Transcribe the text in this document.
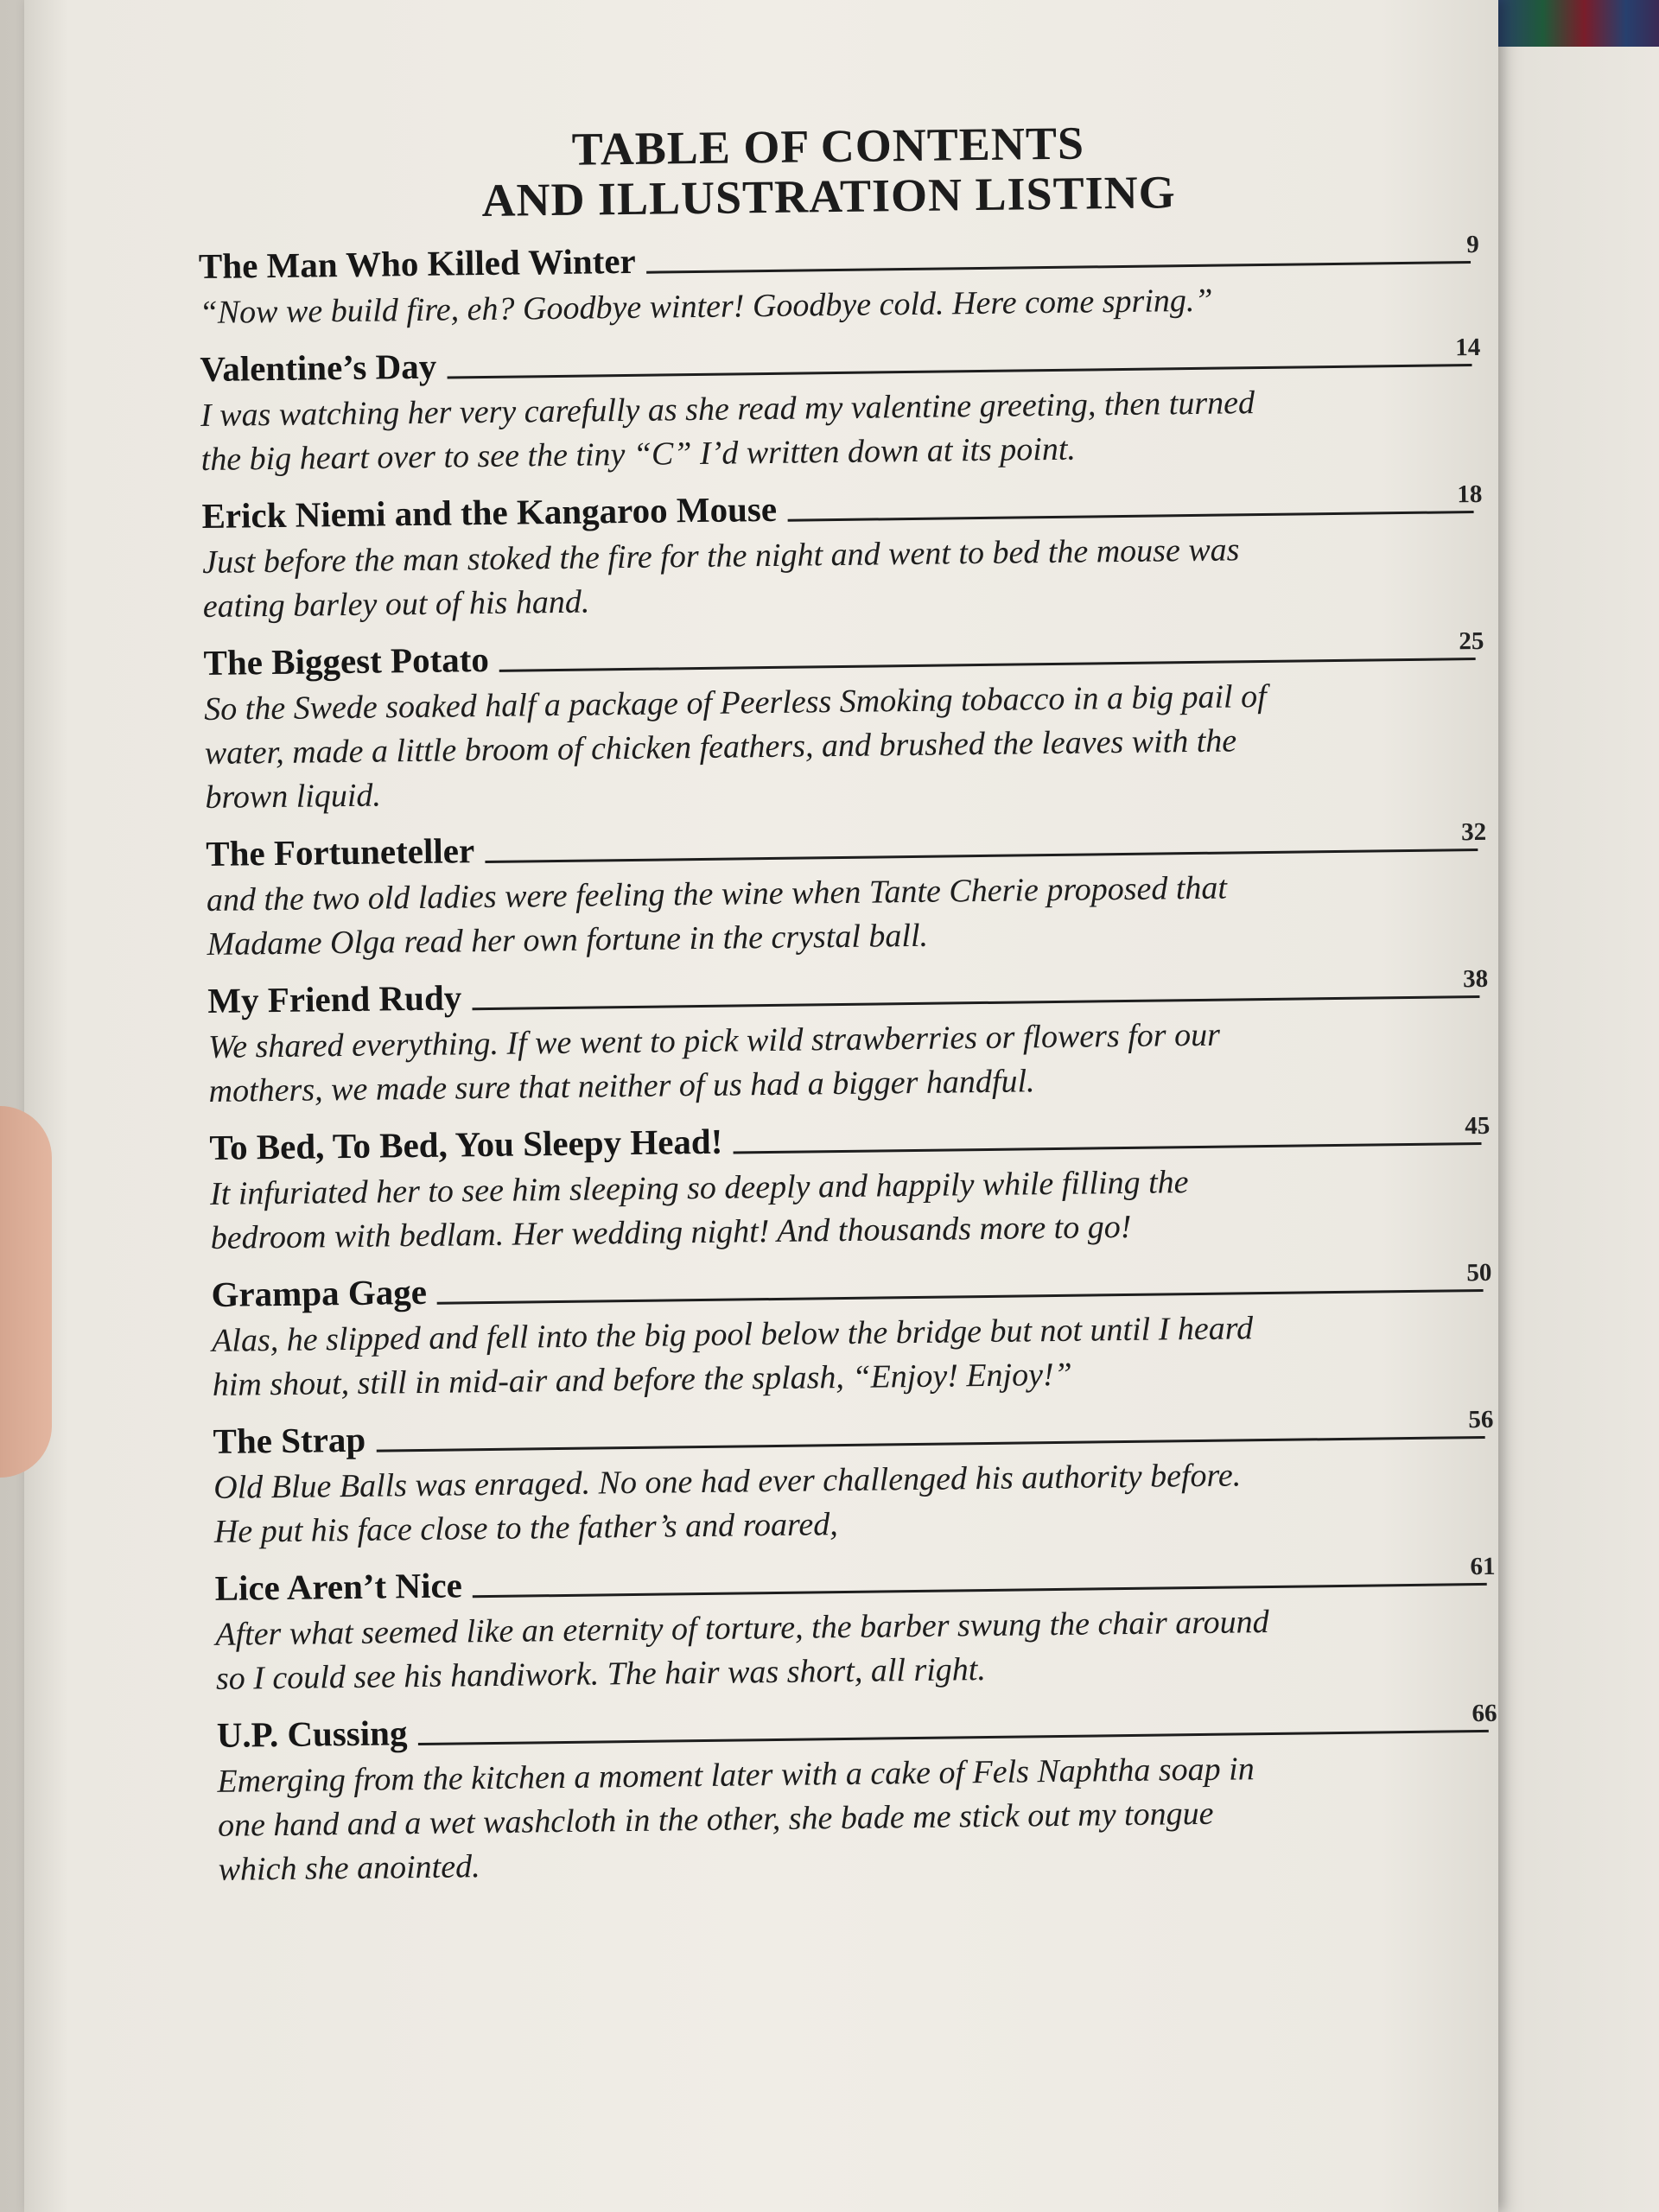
TABLE OF CONTENTS
AND ILLUSTRATION LISTING
The Man Who Killed Winter	9
“Now we build fire, eh? Goodbye winter! Goodbye cold. Here come spring.”
Valentine’s Day	14
I was watching her very carefully as she read my valentine greeting, then turned the big heart over to see the tiny “C” I’d written down at its point.
Erick Niemi and the Kangaroo Mouse	18
Just before the man stoked the fire for the night and went to bed the mouse was eating barley out of his hand.
The Biggest Potato	25
So the Swede soaked half a package of Peerless Smoking tobacco in a big pail of water, made a little broom of chicken feathers, and brushed the leaves with the brown liquid.
The Fortuneteller	32
and the two old ladies were feeling the wine when Tante Cherie proposed that Madame Olga read her own fortune in the crystal ball.
My Friend Rudy	38
We shared everything. If we went to pick wild strawberries or flowers for our mothers, we made sure that neither of us had a bigger handful.
To Bed, To Bed, You Sleepy Head!	45
It infuriated her to see him sleeping so deeply and happily while filling the bedroom with bedlam. Her wedding night! And thousands more to go!
Grampa Gage	50
Alas, he slipped and fell into the big pool below the bridge but not until I heard him shout, still in mid-air and before the splash, “Enjoy! Enjoy!”
The Strap	56
Old Blue Balls was enraged. No one had ever challenged his authority before. He put his face close to the father’s and roared,
Lice Aren’t Nice	61
After what seemed like an eternity of torture, the barber swung the chair around so I could see his handiwork. The hair was short, all right.
U.P. Cussing	66
Emerging from the kitchen a moment later with a cake of Fels Naphtha soap in one hand and a wet washcloth in the other, she bade me stick out my tongue which she anointed.
